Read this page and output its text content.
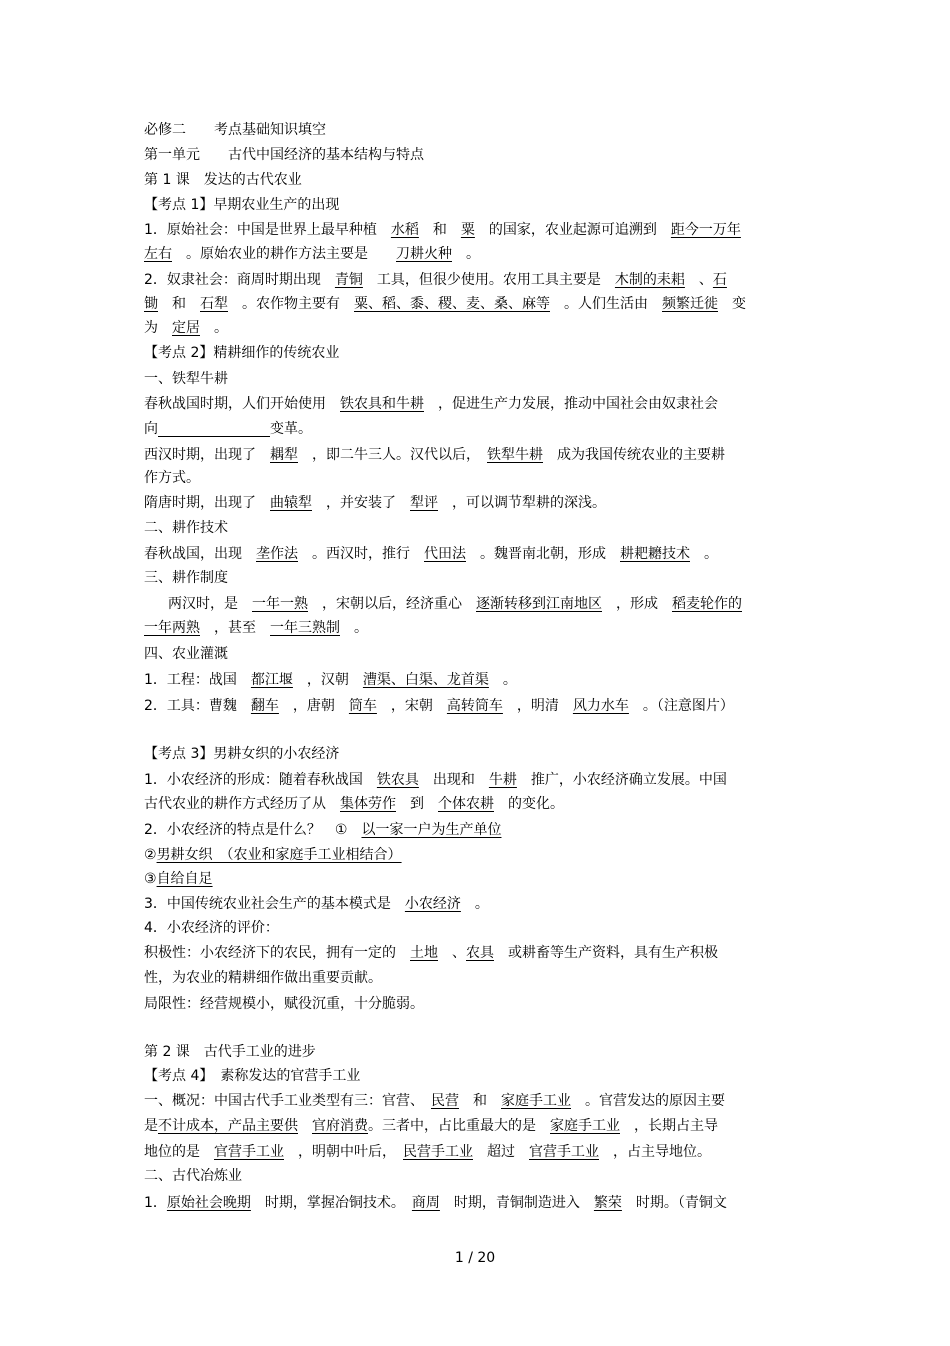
必修二　　考点基础知识填空
第一单元　　古代中国经济的基本结构与特点
第 1 课　发达的古代农业
【考点 1】早期农业生产的出现
1．原始社会：中国是世界上最早种植　水稻　和　粟　的国家，农业起源可追溯到　距今一万年
左右　。原始农业的耕作方法主要是　　刀耕火种　。
2．奴隶社会：商周时期出现　青铜　工具，但很少使用。农用工具主要是　木制的耒耜　、石
锄　和　石犁　。农作物主要有　粟、稻、黍、稷、麦、桑、麻等　。人们生活由　频繁迁徙　变
为　定居　。
【考点 2】精耕细作的传统农业
一、铁犁牛耕
春秋战国时期，人们开始使用　铁农具和牛耕　，促进生产力发展，推动中国社会由奴隶社会
向　　　　　　　　	变革。
西汉时期，出现了　耦犁　，即二牛三人。汉代以后，　铁犁牛耕　成为我国传统农业的主要耕
作方式。
隋唐时期，出现了　曲辕犁　，并安装了　犁评　，可以调节犁耕的深浅。
二、耕作技术
春秋战国，出现　垄作法　。西汉时，推行　代田法　。魏晋南北朝，形成　耕耙耱技术　。
三、耕作制度
两汉时，是　一年一熟　，宋朝以后，经济重心　逐渐转移到江南地区　，形成　稻麦轮作的
一年两熟　，甚至　一年三熟制　。
四、农业灌溉
1．工程：战国　都江堰　，汉朝　漕渠、白渠、龙首渠　。
2．工具：曹魏　翻车　，唐朝　筒车　，宋朝　高转筒车　，明清　风力水车　。（注意图片）
【考点 3】男耕女织的小农经济
1．小农经济的形成：随着春秋战国　铁农具　出现和　牛耕　推广，小农经济确立发展。中国
古代农业的耕作方式经历了从　集体劳作　到　个体农耕　的变化。
2．小农经济的特点是什么？　①　以一家一户为生产单位
②男耕女织　（农业和家庭手工业相结合）
③自给自足
3．中国传统农业社会生产的基本模式是　小农经济　。
4．小农经济的评价：
积极性：小农经济下的农民，拥有一定的　土地　、农具　或耕畜等生产资料，具有生产积极
性，为农业的精耕细作做出重要贡献。
局限性：经营规模小，赋役沉重，十分脆弱。
第 2 课　古代手工业的进步
【考点 4】　素称发达的官营手工业
一、概况：中国古代手工业类型有三：官营、　民营　和　家庭手工业　。官营发达的原因主要
是不计成本，产品主要供　 官府消费。三者中，占比重最大的是　家庭手工业　，长期占主导
地位的是　官营手工业　，明朝中叶后，　民营手工业　超过　官营手工业　，占主导地位。
二、古代冶炼业
1．原始社会晚期　时期，掌握冶铜技术。　商周　时期，青铜制造进入　繁荣　时期。（青铜文
1 / 20
